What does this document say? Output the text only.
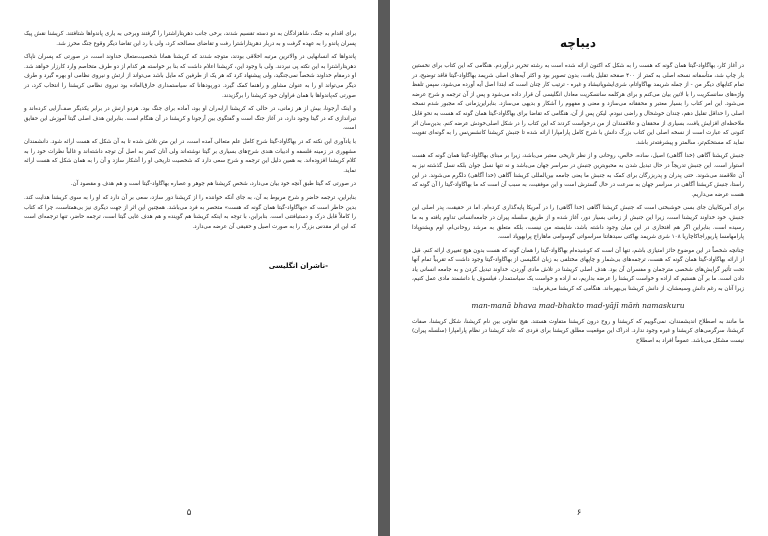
برای اقدام به جنگ، شاهزادگان به دو دسته تقسیم شدند، برخی جانب دهریتاراشترا را گرفتند وبرخی به یاری پاندواها شتافتند. کریشنا نقش پیک پسران پاندو را به عهده گرفت و به دربار دهریتاراشترا رفت و تقاضای مصالحه کرد، ولی با رد این تقاضا دیگر وقوع جنگ محرز شد.

پاندواها که انسانهایی در والاترین مرتبه اخلاقی بودند، متوجه شدند که کریشنا همانا شخصیت‌متعال خداوند است، در صورتی که پسران ناپاک دهریتاراشترا به این نکته پی نبردند. ولی با وجود این، کریشنا اعلام داشت که بنا بر خواسته هر کدام از دو طرف متخاصم وارد کارزار خواهد شد. او درمقام خداوند شخصاً نمی‌جنگید، ولی پیشنهاد کرد که هر یک از طرفین که مایل باشد می‌تواند از ارتش و نیروی نظامی او بهره گیرد و طرف دیگر می‌تواند او را به عنوان مشاور و راهنما کمک گیرد. دوریودهانا که سیاستمداری خارق‌العاده بود نیروی نظامی کریشنا را انتخاب کرد، در صورتی که‌پاندواها با همان فراوان خود کریشنا را برگزیدند.

و اینک آرجونا، بیش از هر زمانی، در حالی که کریشنا ارابه‌ران او بود، آماده برای جنگ بود. هردو ارتش در برابر یکدیگر صف‌آرایی کرده‌اند و تیراندازی که در گیتا وجود دارد، در آغاز جنگ است و گفتگوی بین آرجونا و کریشنا در آن هنگام است. بنابراین هدف اصلی گیتا آموزش این حقایق است.

با یادآوری این نکته که در بهاگاواد-گیتا شرح کامل علم متعالی آمده است، در این متن تلاش شده تا به آن شکل که هست ارائه شود. دانشمندان مشهوری در زمینه فلسفه و ادبیات هندی شرح‌های بسیاری بر گیتا نوشته‌اند ولی آنان کمتر به اصل آن توجه داشته‌اند و غالباً نظرات خود را به کلام کریشنا افزوده‌اند. به همین دلیل این ترجمه و شرح سعی دارد که شخصیت تاریخی او را آشکار سازد و آن را به همان شکل که هست ارائه نماید.

در صورتی که گیتا طبق آنچه خود بیان می‌دارد، شخص کریشنا هم جوهر و عصاره بهاگاواد-گیتا است و هم هدف و مقصود آن.

بنابراین، ترجمه حاضر و شرح مربوط به آن، به جای آنکه خواننده را از کریشنا دور سازد، سعی بر آن دارد که او را به سوی کریشنا هدایت کند. بدین خاطر است که «بهاگاواد-گیتا همان گونه که هست» متحصر به فرد می‌باشد. همچنین این اثر از جهت دیگری نیز بی‌همتاست، چرا که کتاب را کاملاً قابل درک و دستیافتنی است. بنابراین، با توجه به اینکه کریشنا هم گوینده و هم هدف غایی گیتا است، ترجمه حاضر، تنها ترجمه‌ای است که این اثر مقدس بزرگ را به صورت اصیل و حقیقی آن عرضه می‌دارد.

-ناشران انگلیسی
۵
دیباچه

در آغاز کار، بهاگاواد-گیتا همان گونه که هست را به شکل که اکنون ارائه شده است به رشته تحریر درآوردم. هنگامی که این کتاب برای نخستین بار چاپ شد، متأسفانه نسخه اصلی به کمتر از ۴۰۰ صفحه تقلیل یافت، بدون تصویر بود و اکثر آیه‌های اصلی شریمد بهاگاواد-گیتا فاقد توضیح، در تمام کتابهای دیگر من - از جمله شریمد بهاگاواتام، شری‌ایشوپانیشاد و غیره - ترتیب کار چنان است که ابتدا اصل آیه آورده می‌شود، سپس تلفظ واژه‌های سانسکریت را با لاتین بیان می‌کنم و برای هرکلمه سانسکریت معادل انگلیسی آن قرار داده می‌شود و پس از آن ترجمه و شرح عرضه می‌شود. این امر کتاب را بسیار معتبر و محققانه می‌سازد و معنی و مفهوم را آشکار و بدیهی می‌سازد. بنابراین‌زمانی که مجبور شدم نسخه اصلی را حداقل تقلیل دهم، چندان خوشحال و راضی نبودم. لیکن پس از آن، هنگامی که تقاضا برای بهاگاواد-گیتا همان گونه که هست به نحو قابل ملاحظه‌ای افزایش یافت، بسیاری از محققان و علاقمندان از من درخواست کردند که این کتاب را در شکل اصلی‌خودش عرضه کنم. بدین‌سان اثر کنونی که عبارت است از نسخه اصلی این کتاب بزرگ دانش با شرح کامل پارامپارا ارائه شده تا جنبش کریشنا کانشس‌نس‌ را به گونه‌ای تقویت نماید که مستحکم‌تر، سالمتر و پیشرفته‌تر باشد.

جنبش کریشنا آگاهی (خدا آگاهی) اصیل، ساده، خالص، روحانی و از نظر تاریخی معتبر می‌باشد، زیرا بر مبنای بهاگاواد-گیتا همان گونه که هست استوار است. این جنبش تدریجاً در حال تبدیل شدن به محبوبترین جنبش در سراسر جهان می‌باشد و نه تنها نسل جوان بلکه نسل گذشته نیز به آن علاقمند می‌شوند. حتی پدران و پدربزرگان برای کمک به جنبش ما یعنی جامعه بین‌المللی کریشنا آگاهی (خدا آگاهی) دلگرم می‌شوند. در این راستا، جنبش کریشنا آگاهی در سراسر جهان به سرعت در حال گسترش است و این موفقیت، به سبب آن است که ما بهاگاواد-گیتا را آن گونه که هست عرضه می‌داریم.

برای آمریکاییان جای بسی خوشبختی است که جنبش کریشنا آگاهی (خدا آگاهی) را در آمریکا پایه‌گذاری کرده‌ام. اما در حقیقت، پدر اصلی این جنبش، خود خداوند کریشنا است، زیرا این جنبش از زمانی بسیار دور، آغاز شده و از طریق سلسله پیران در جامعه‌انسانی تداوم یافته و به ما رسیده است. بنابراین اگر هم افتخاری در این میان وجود داشته باشد، شایسته من نیست، بلکه متعلق به مرشد روحانی‌ام، اوم ویشنوپادا پارامهامسا پاریوراجاکاچاریا ۱۰۸ شری شریمد بهاکتی سیدهانتا سراسواتی گوسوامی ماهاراج پرابهوپاد است.

چنانچه شخصاً در این موضوع حائز امتیازی باشم، تنها آن است که کوشیده‌ام بهاگاواد-گیتا را همان گونه که هست بدون هیچ تغییری ارائه کنم. قبل از ارائه بهاگاواد-گیتا همان گونه که هست، ترجمه‌های بی‌شمار و چاپهای مختلفی به زبان انگلیسی از بهاگاواد-گیتا وجود داشت که تقریباً تمام آنها تحت تأثیر گرایش‌های شخصی مترجمان و مفسران آن بود. هدف اصلی کریشنا در تلاش مادی آوردن، خداوند تبدیل کردن و به جامعه انسانی یاد دادن است. ما بر آن هستیم که اراده و خواست کریشنا را عرضه بداریم، نه اراده و خواست یک سیاستمدار، فیلسوف یا دانشمند مادی عمل کنیم، زیرا آنان به رغم دانش وسیعشان، از دانش کریشنا بی‌بهره‌اند. هنگامی که کریشنا می‌فرماید:

man-manā bhava mad-bhakto mad-yājī māṁ namaskuru

ما مانند به اصطلاح اندیشمندان، نمی‌گوییم که کریشنا و روح درون کریشنا متفاوت هستند. هیچ تفاوتی بین نام کریشنا، شکل کریشنا، صفات کریشنا، سرگرمی‌های کریشنا و غیره وجود ندارد. ادراک این موقعیت مطلق کریشنا برای فردی که عابد کریشنا در نظام پارامپارا (سلسله پیران) نیست مشکل می‌باشد. عموماً افراد به اصطلاح

۶
